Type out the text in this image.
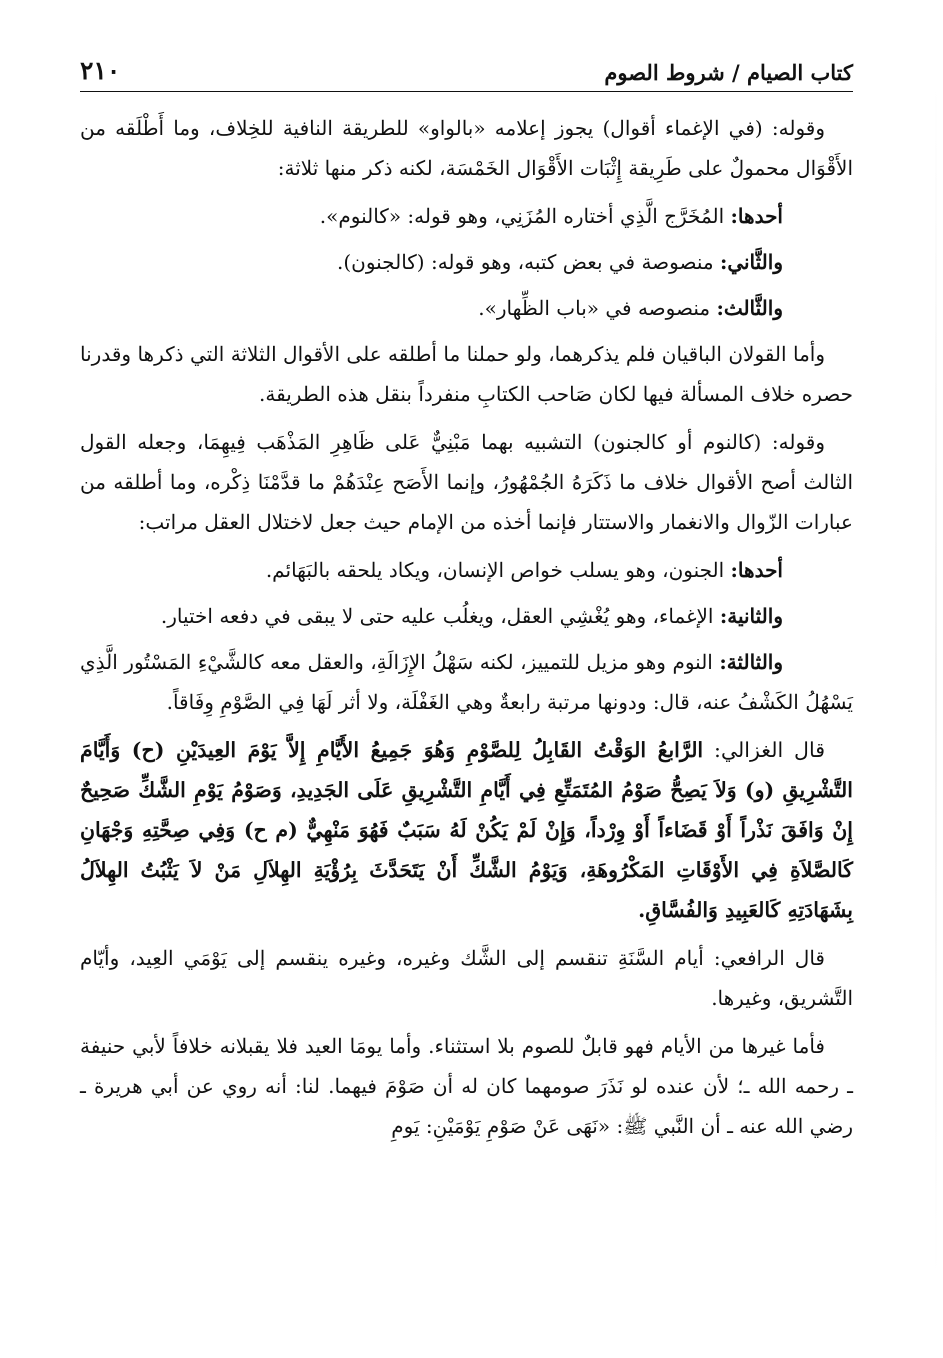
كتاب الصيام / شروط الصوم
٢١٠

وقوله: (في الإغماء أقوال) يجوز إعلامه «بالواو» للطريقة النافية للخِلاف، وما أَطْلَقه من الأَقْوَال محمولٌ على طَرِيقة إِثْبَات الأَقْوَال الخَمْسَة، لكنه ذكر منها ثلاثة:

أحدها: المُخَرَّج الَّذِي أختاره المُزَنِي، وهو قوله: «كالنوم».

والثَّاني: منصوصة في بعض كتبه، وهو قوله: (كالجنون).

والثَّالث: منصوصه في «باب الظِّهار».

وأما القولان الباقيان فلم يذكرهما، ولو حملنا ما أطلقه على الأقوال الثلاثة التي ذكرها وقدرنا حصره خلاف المسألة فيها لكان صَاحب الكتابِ منفرداً بنقل هذه الطريقة.

وقوله: (كالنوم أو كالجنون) التشبيه بهما مَبْنِيٌّ عَلى ظَاهِرِ المَذْهَب فِيهِمَا، وجعله القول الثالث أصح الأقوال خلاف ما ذَكَرَهُ الجُمْهُورُ، وإنما الأَصَح عِنْدَهُمْ ما قدَّمْنَا ذِكْره، وما أطلقه من عبارات الزّوال والانغمار والاستتار فإنما أخذه من الإمام حيث جعل لاختلال العقل مراتب:

أحدها: الجنون، وهو يسلب خواص الإنسان، ويكاد يلحقه بالبَهَائم.

والثانية: الإغماء، وهو يُغْشِي العقل، ويغلُب عليه حتى لا يبقى في دفعه اختيار.

والثالثة: النوم وهو مزيل للتمييز، لكنه سَهْلُ الإِزَالَةِ، والعقل معه كالشَّيْءِ المَسْتُور الَّذِي يَسْهُلُ الكَشْفُ عنه، قال: ودونها مرتبة رابعةٌ وهي الغَفْلَة، ولا أثر لَهَا فِي الصَّوْمِ وِفَاقاً.

قال الغزالي: الرَّابعُ الوَقْتُ القَابِلُ لِلصَّوْمِ وَهُوَ جَمِيعُ الأَيَّامِ إِلاَّ يَوْمَ العِيدَيْنِ (ح) وَأَيَّامَ التَّشْرِيقِ (و) وَلاَ يَصِحُّ صَوْمُ المُتَمَتِّعِ فِي أَيَّامِ التَّشْرِيقِ عَلَى الجَدِيدِ، وَصَوْمُ يَوْمِ الشَّكِّ صَحِيحٌ إِنْ وَافَقَ نَذْراً أَوْ قَضَاءاً أَوْ وِرْداً، وَإِنْ لَمْ يَكُنْ لَهُ سَبَبٌ فَهُوَ مَنْهِيٌّ (م ح) وَفِي صِحَّتِهِ وَجْهَانِ كَالصَّلاَةِ فِي الأَوْقَاتِ المَكْرُوهَةِ، وَيَوْمُ الشَّكِّ أَنْ يَتَحَدَّثَ بِرُؤْيَةِ الهِلاَلِ مَنْ لاَ يَثْبُتُ الهِلاَلُ بِشَهَادَتِهِ كَالعَبِيدِ وَالفُسَّاقِ.

قال الرافعي: أيام السَّنَةِ تنقسم إلى الشَّك وغيره، وغيره ينقسم إلى يَوْمَي العِيد، وأيّام التَّشريق، وغيرها.

فأما غيرها من الأيام فهو قابلٌ للصوم بلا استثناء. وأما يومَا العيد فلا يقبلانه خلافاً لأبي حنيفة ـ رحمه الله ـ؛ لأن عنده لو نَذَرَ صومهما كان له أن صَوْمَ فيهما. لنا: أنه روي عن أبي هريرة ـ رضي الله عنه ـ أن النَّبي ﷺ: «نَهَى عَنْ صَوْمِ يَوْمَيْنِ: يَومِ
